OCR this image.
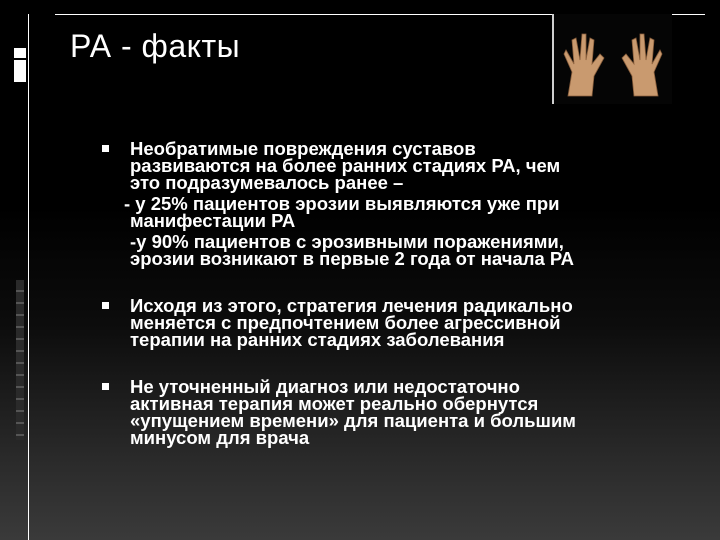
РА - факты
Необратимые повреждения суставов
развиваются на более ранних стадиях РА, чем
это подразумевалось ранее –
- у 25% пациентов эрозии выявляются уже при
манифестации РА
-у 90% пациентов с эрозивными поражениями,
эрозии возникают в первые 2 года от начала РА
Исходя из этого, стратегия лечения радикально
меняется с предпочтением более агрессивной
терапии на ранних стадиях заболевания
Не уточненный диагноз или недостаточно
активная терапия может реально обернутся
«упущением времени» для пациента и большим
минусом для врача
